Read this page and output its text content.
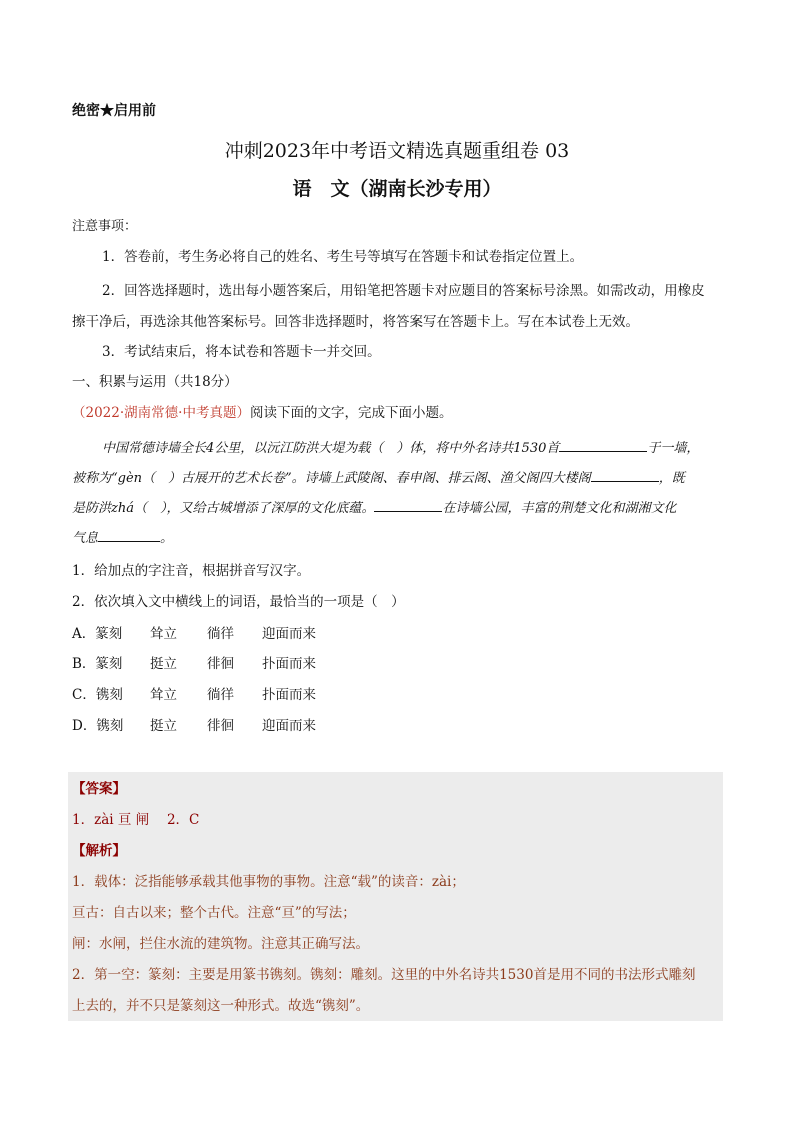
绝密★启用前
冲刺2023年中考语文精选真题重组卷 03
语　文（湖南长沙专用）
注意事项：
1．答卷前，考生务必将自己的姓名、考生号等填写在答题卡和试卷指定位置上。
2．回答选择题时，选出每小题答案后，用铅笔把答题卡对应题目的答案标号涂黑。如需改动，用橡皮
擦干净后，再选涂其他答案标号。回答非选择题时，将答案写在答题卡上。写在本试卷上无效。
3．考试结束后，将本试卷和答题卡一并交回。
一、积累与运用（共18分）
（2022·湖南常德·中考真题）阅读下面的文字，完成下面小题。
中国常德诗墙全长4公里，以沅江防洪大堤为载（　）体，将中外名诗共1530首	于一墙，
被称为“gèn（　）古展开的艺术长卷”。诗墙上武陵阁、春申阁、排云阁、渔父阁四大楼阁	，既
是防洪zhá（　），又给古城增添了深厚的文化底蕴。	在诗墙公园，丰富的荆楚文化和湖湘文化
气息	。
1．给加点的字注音，根据拼音写汉字。
2．依次填入文中横线上的词语，最恰当的一项是（　）
A．篆刻 耸立 徜徉 迎面而来
B．篆刻 挺立 徘徊 扑面而来
C．镌刻 耸立 徜徉 扑面而来
D．镌刻 挺立 徘徊 迎面而来
【答案】
1．zài 亘 闸　 2．C
【解析】
1．载体：泛指能够承载其他事物的事物。注意“载”的读音：zài；
亘古：自古以来；整个古代。注意“亘”的写法；
闸：水闸，拦住水流的建筑物。注意其正确写法。
2．第一空：篆刻：主要是用篆书镌刻。镌刻：雕刻。这里的中外名诗共1530首是用不同的书法形式雕刻
上去的，并不只是篆刻这一种形式。故选“镌刻”。
